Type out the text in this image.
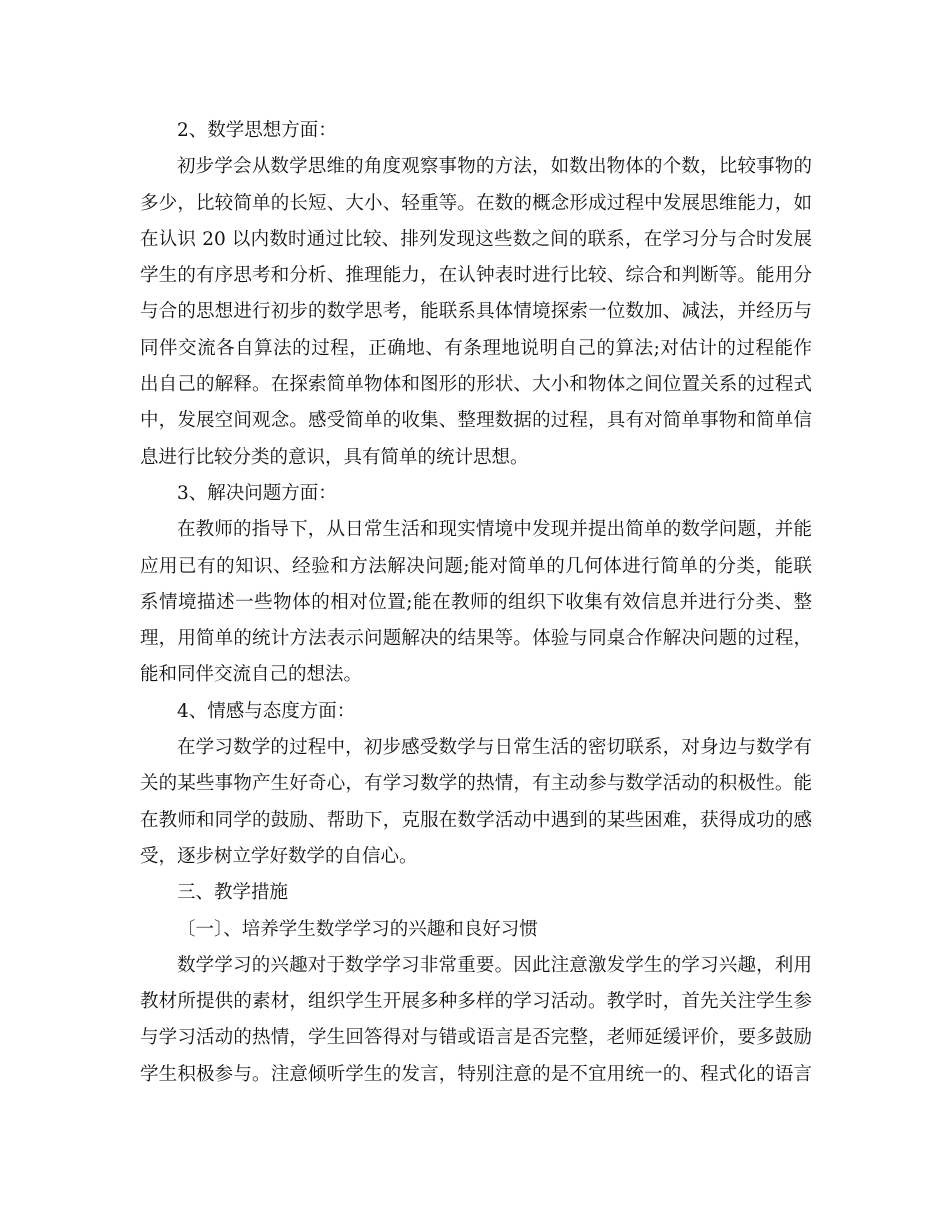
2、数学思想方面：

初步学会从数学思维的角度观察事物的方法，如数出物体的个数，比较事物的
多少，比较简单的长短、大小、轻重等。在数的概念形成过程中发展思维能力，如
在认识 20 以内数时通过比较、排列发现这些数之间的联系，在学习分与合时发展
学生的有序思考和分析、推理能力，在认钟表时进行比较、综合和判断等。能用分
与合的思想进行初步的数学思考，能联系具体情境探索一位数加、减法，并经历与
同伴交流各自算法的过程，正确地、有条理地说明自己的算法;对估计的过程能作
出自己的解释。在探索简单物体和图形的形状、大小和物体之间位置关系的过程式
中，发展空间观念。感受简单的收集、整理数据的过程，具有对简单事物和简单信
息进行比较分类的意识，具有简单的统计思想。

3、解决问题方面：

在教师的指导下，从日常生活和现实情境中发现并提出简单的数学问题，并能
应用已有的知识、经验和方法解决问题;能对简单的几何体进行简单的分类，能联
系情境描述一些物体的相对位置;能在教师的组织下收集有效信息并进行分类、整
理，用简单的统计方法表示问题解决的结果等。体验与同桌合作解决问题的过程，
能和同伴交流自己的想法。

4、情感与态度方面：

在学习数学的过程中，初步感受数学与日常生活的密切联系，对身边与数学有
关的某些事物产生好奇心，有学习数学的热情，有主动参与数学活动的积极性。能
在教师和同学的鼓励、帮助下，克服在数学活动中遇到的某些困难，获得成功的感
受，逐步树立学好数学的自信心。

三、教学措施

〔一〕、培养学生数学学习的兴趣和良好习惯

数学学习的兴趣对于数学学习非常重要。因此注意激发学生的学习兴趣，利用
教材所提供的素材，组织学生开展多种多样的学习活动。教学时，首先关注学生参
与学习活动的热情，学生回答得对与错或语言是否完整，老师延缓评价，要多鼓励
学生积极参与。注意倾听学生的发言，特别注意的是不宜用统一的、程式化的语言
